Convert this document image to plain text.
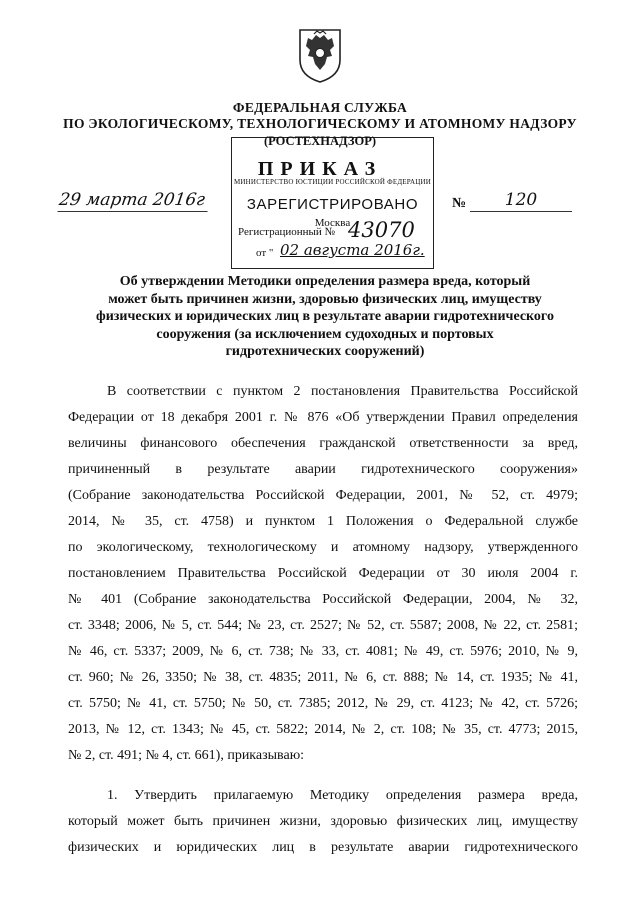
ФЕДЕРАЛЬНАЯ СЛУЖБА
ПО ЭКОЛОГИЧЕСКОМУ, ТЕХНОЛОГИЧЕСКОМУ И АТОМНОМУ НАДЗОРУ
МИНИСТЕРСТВО ЮСТИЦИИ РОССИЙСКОЙ ФЕДЕРАЦИИ
ЗАРЕГИСТРИРОВАНО
Москва
Регистрационный № 43070
от " 02 августа 2016г.
(РОСТЕХНАДЗОР)
ПРИКАЗ
29 марта 2016г	№	120
Об утверждении Методики определения размера вреда, который
может быть причинен жизни, здоровью физических лиц, имуществу
физических и юридических лиц в результате аварии гидротехнического
сооружения (за исключением судоходных и портовых
гидротехнических сооружений)
В соответствии с пунктом 2 постановления Правительства Российской
Федерации от 18 декабря 2001 г. № 876 «Об утверждении Правил определения
величины финансового обеспечения гражданской ответственности за вред,
причиненный в результате аварии гидротехнического сооружения»
(Собрание законодательства Российской Федерации, 2001, № 52, ст. 4979;
2014, № 35, ст. 4758) и пунктом 1 Положения о Федеральной службе
по экологическому, технологическому и атомному надзору, утвержденного
постановлением Правительства Российской Федерации от 30 июля 2004 г.
№ 401 (Собрание законодательства Российской Федерации, 2004, № 32,
ст. 3348; 2006, № 5, ст. 544; № 23, ст. 2527; № 52, ст. 5587; 2008, № 22, ст. 2581;
№ 46, ст. 5337; 2009, № 6, ст. 738; № 33, ст. 4081; № 49, ст. 5976; 2010, № 9,
ст. 960; № 26, 3350; № 38, ст. 4835; 2011, № 6, ст. 888; № 14, ст. 1935; № 41,
ст. 5750; № 41, ст. 5750; № 50, ст. 7385; 2012, № 29, ст. 4123; № 42, ст. 5726;
2013, № 12, ст. 1343; № 45, ст. 5822; 2014, № 2, ст. 108; № 35, ст. 4773; 2015,
№ 2, ст. 491; № 4, ст. 661), приказываю:
1. Утвердить прилагаемую Методику определения размера вреда,
который может быть причинен жизни, здоровью физических лиц, имуществу
физических и юридических лиц в результате аварии гидротехнического
